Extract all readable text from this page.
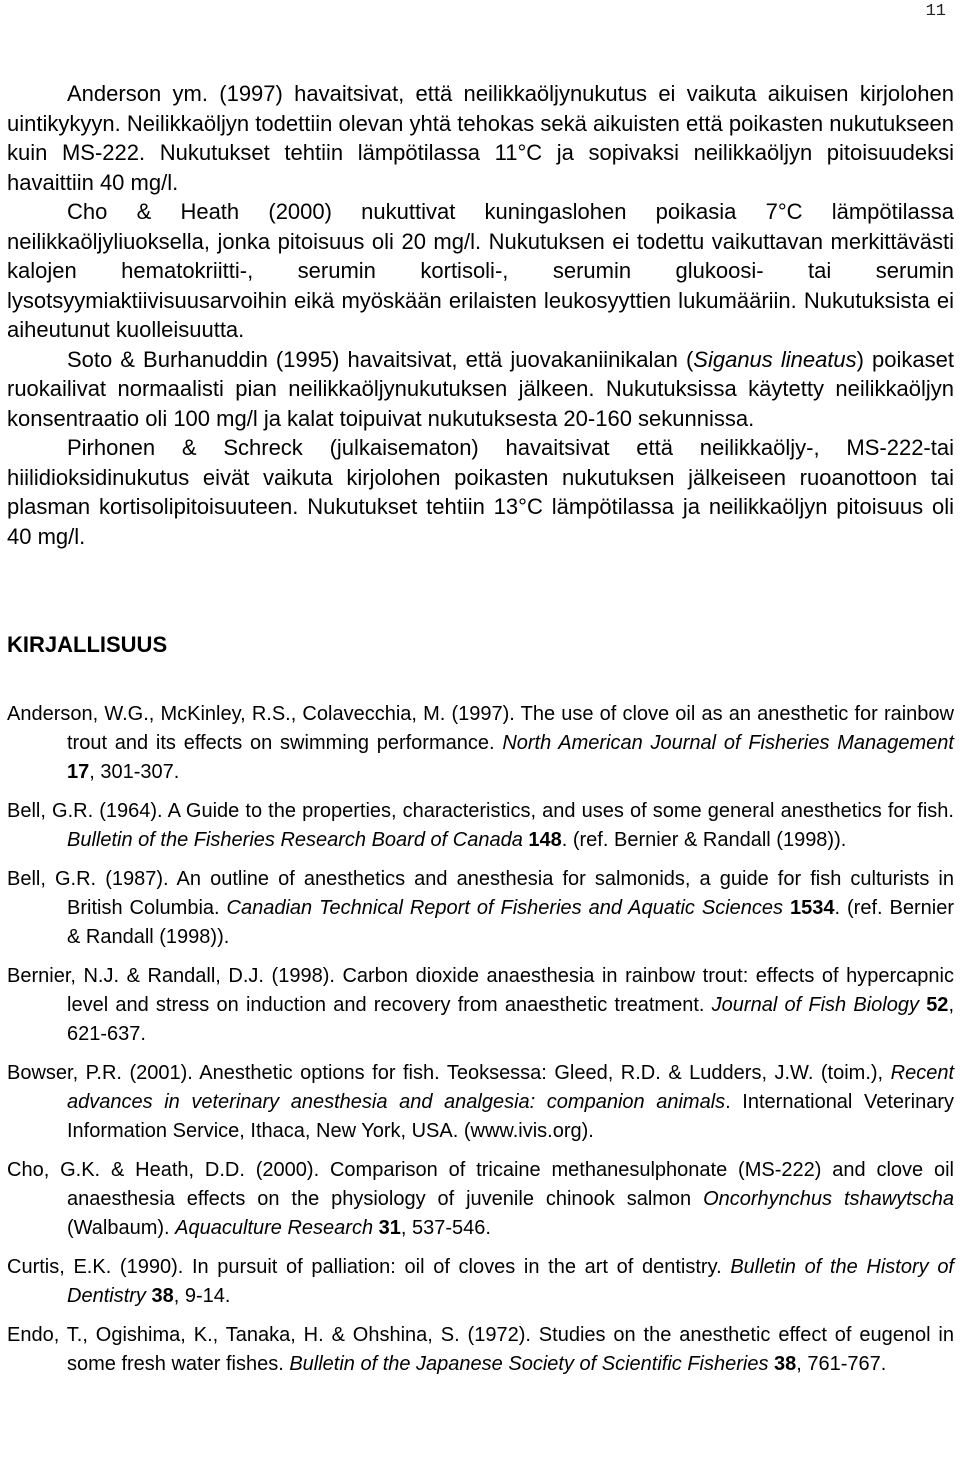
11

Anderson ym. (1997) havaitsivat, että neilikkaöljynukutus ei vaikuta aikuisen kirjolohen uintikykyyn. Neilikkaöljyn todettiin olevan yhtä tehokas sekä aikuisten että poikasten nukutukseen kuin MS-222. Nukutukset tehtiin lämpötilassa 11°C ja sopivaksi neilikkaöljyn pitoisuudeksi havaittiin 40 mg/l.

Cho & Heath (2000) nukuttivat kuningaslohen poikasia 7°C lämpötilassa neilikkaöljyliuoksella, jonka pitoisuus oli 20 mg/l. Nukutuksen ei todettu vaikuttavan merkittävästi kalojen hematokriitti-, serumin kortisoli-, serumin glukoosi- tai serumin lysotsyymiaktiivisuusarvoihin eikä myöskään erilaisten leukosyyttien lukumääriin. Nukutuksista ei aiheutunut kuolleisuutta.

Soto & Burhanuddin (1995) havaitsivat, että juovakaniinikalan (Siganus lineatus) poikaset ruokailivat normaalisti pian neilikkaöljynukutuksen jälkeen. Nukutuksissa käytetty neilikkaöljyn konsentraatio oli 100 mg/l ja kalat toipuivat nukutuksesta 20-160 sekunnissa.

Pirhonen & Schreck (julkaisematon) havaitsivat että neilikkaöljy-, MS-222-tai hiilidioksidinukutus eivät vaikuta kirjolohen poikasten nukutuksen jälkeiseen ruoanottoon tai plasman kortisolipitoisuuteen. Nukutukset tehtiin 13°C lämpötilassa ja neilikkaöljyn pitoisuus oli 40 mg/l.

KIRJALLISUUS

Anderson, W.G., McKinley, R.S., Colavecchia, M. (1997). The use of clove oil as an anesthetic for rainbow trout and its effects on swimming performance. North American Journal of Fisheries Management 17, 301-307.

Bell, G.R. (1964). A Guide to the properties, characteristics, and uses of some general anesthetics for fish. Bulletin of the Fisheries Research Board of Canada 148. (ref. Bernier & Randall (1998)).

Bell, G.R. (1987). An outline of anesthetics and anesthesia for salmonids, a guide for fish culturists in British Columbia. Canadian Technical Report of Fisheries and Aquatic Sciences 1534. (ref. Bernier & Randall (1998)).

Bernier, N.J. & Randall, D.J. (1998). Carbon dioxide anaesthesia in rainbow trout: effects of hypercapnic level and stress on induction and recovery from anaesthetic treatment. Journal of Fish Biology 52, 621-637.

Bowser, P.R. (2001). Anesthetic options for fish. Teoksessa: Gleed, R.D. & Ludders, J.W. (toim.), Recent advances in veterinary anesthesia and analgesia: companion animals. International Veterinary Information Service, Ithaca, New York, USA. (www.ivis.org).

Cho, G.K. & Heath, D.D. (2000). Comparison of tricaine methanesulphonate (MS-222) and clove oil anaesthesia effects on the physiology of juvenile chinook salmon Oncorhynchus tshawytscha (Walbaum). Aquaculture Research 31, 537-546.

Curtis, E.K. (1990). In pursuit of palliation: oil of cloves in the art of dentistry. Bulletin of the History of Dentistry 38, 9-14.

Endo, T., Ogishima, K., Tanaka, H. & Ohshina, S. (1972). Studies on the anesthetic effect of eugenol in some fresh water fishes. Bulletin of the Japanese Society of Scientific Fisheries 38, 761-767.
